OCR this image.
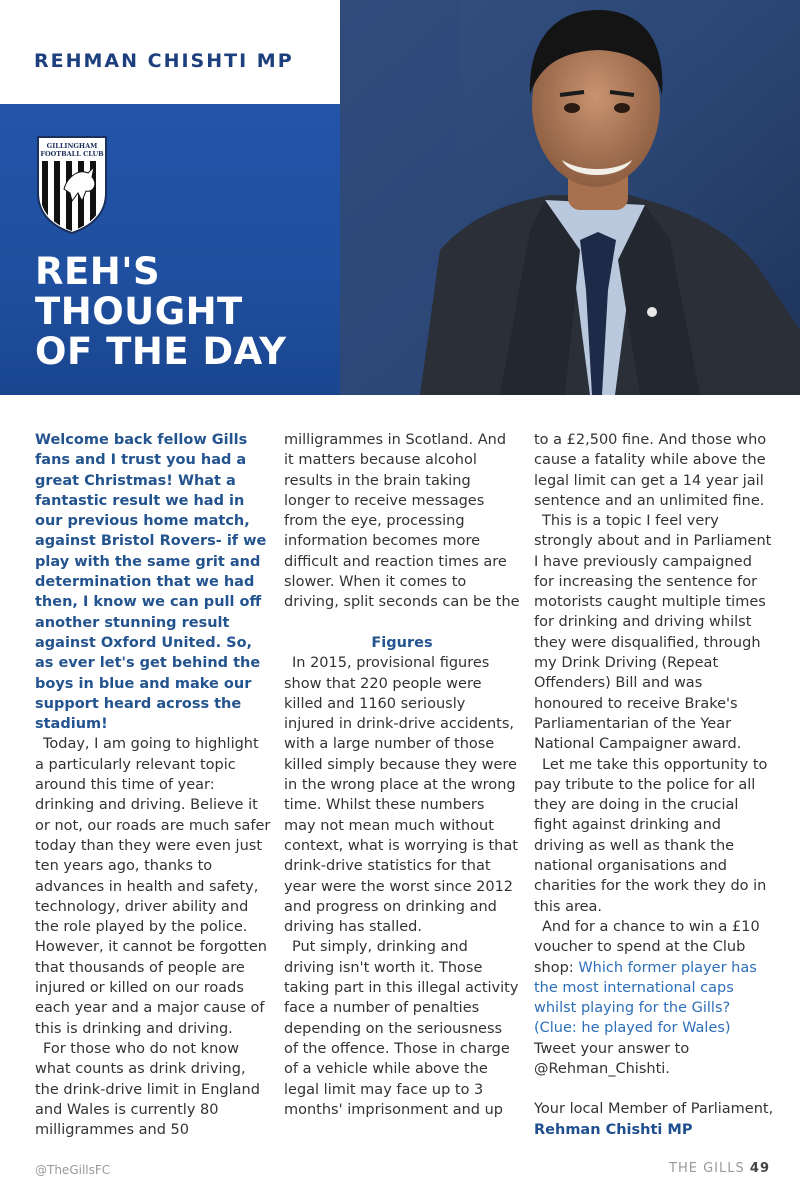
REHMAN CHISHTI MP
GILLINGHAM
FOOTBALL CLUB
REH'S
THOUGHT
OF THE DAY

Welcome back fellow Gills fans and I trust you had a great Christmas! What a fantastic result we had in our previous home match, against Bristol Rovers- if we play with the same grit and determination that we had then, I know we can pull off another stunning result against Oxford United. So, as ever let's get behind the boys in blue and make our support heard across the stadium!

Today, I am going to highlight a particularly relevant topic around this time of year: drinking and driving. Believe it or not, our roads are much safer today than they were even just ten years ago, thanks to advances in health and safety, technology, driver ability and the role played by the police. However, it cannot be forgotten that thousands of people are injured or killed on our roads each year and a major cause of this is drinking and driving.

For those who do not know what counts as drink driving, the drink-drive limit in England and Wales is currently 80 milligrammes and 50

milligrammes in Scotland. And it matters because alcohol results in the brain taking longer to receive messages from the eye, processing information becomes more difficult and reaction times are slower. When it comes to driving, split seconds can be the

Figures

In 2015, provisional figures show that 220 people were killed and 1160 seriously injured in drink-drive accidents, with a large number of those killed simply because they were in the wrong place at the wrong time. Whilst these numbers may not mean much without context, what is worrying is that drink-drive statistics for that year were the worst since 2012 and progress on drinking and driving has stalled.

Put simply, drinking and driving isn't worth it. Those taking part in this illegal activity face a number of penalties depending on the seriousness of the offence. Those in charge of a vehicle while above the legal limit may face up to 3 months' imprisonment and up

to a £2,500 fine. And those who cause a fatality while above the legal limit can get a 14 year jail sentence and an unlimited fine.

This is a topic I feel very strongly about and in Parliament I have previously campaigned for increasing the sentence for motorists caught multiple times for drinking and driving whilst they were disqualified, through my Drink Driving (Repeat Offenders) Bill and was honoured to receive Brake's Parliamentarian of the Year National Campaigner award.

Let me take this opportunity to pay tribute to the police for all they are doing in the crucial fight against drinking and driving as well as thank the national organisations and charities for the work they do in this area.

And for a chance to win a £10 voucher to spend at the Club shop: Which former player has the most international caps whilst playing for the Gills? (Clue: he played for Wales) Tweet your answer to @Rehman_Chishti.

Your local Member of Parliament,

Rehman Chishti MP

@TheGillsFC	THE GILLS 49
